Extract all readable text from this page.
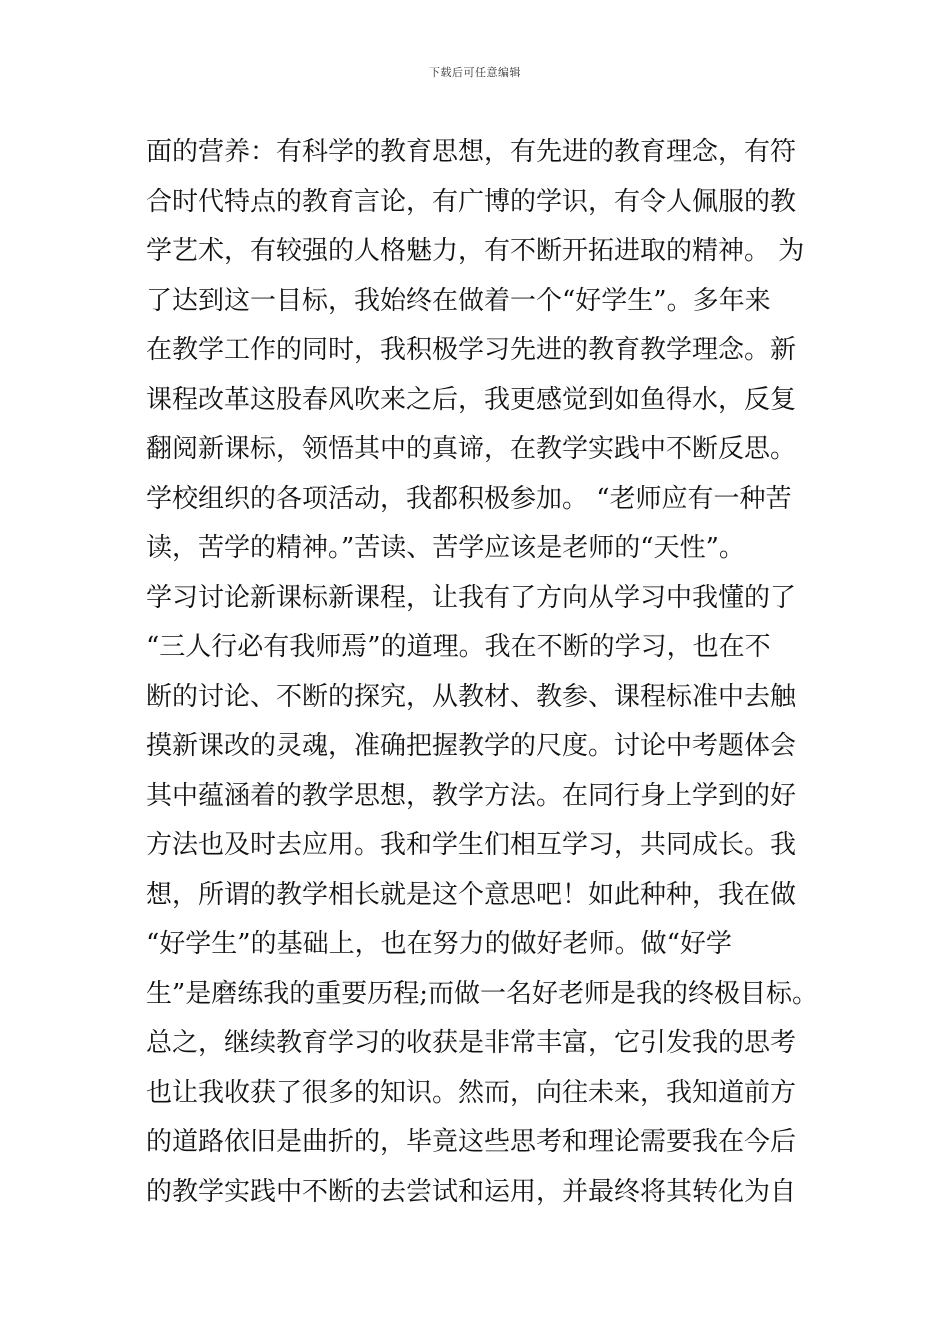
下载后可任意编辑
面的营养：有科学的教育思想，有先进的教育理念，有符
合时代特点的教育言论，有广博的学识，有令人佩服的教
学艺术，有较强的人格魅力，有不断开拓进取的精神。 为
了达到这一目标，我始终在做着一个“好学生”。多年来
在教学工作的同时，我积极学习先进的教育教学理念。新
课程改革这股春风吹来之后，我更感觉到如鱼得水，反复
翻阅新课标，领悟其中的真谛，在教学实践中不断反思。
学校组织的各项活动，我都积极参加。 “老师应有一种苦
读，苦学的精神。”苦读、苦学应该是老师的“天性”。
学习讨论新课标新课程，让我有了方向从学习中我懂的了
“三人行必有我师焉”的道理。我在不断的学习，也在不
断的讨论、不断的探究，从教材、教参、课程标准中去触
摸新课改的灵魂，准确把握教学的尺度。讨论中考题体会
其中蕴涵着的教学思想，教学方法。在同行身上学到的好
方法也及时去应用。我和学生们相互学习，共同成长。我
想，所谓的教学相长就是这个意思吧！如此种种，我在做
“好学生”的基础上，也在努力的做好老师。做“好学
生”是磨练我的重要历程;而做一名好老师是我的终极目标。
总之，继续教育学习的收获是非常丰富，它引发我的思考
也让我收获了很多的知识。然而，向往未来，我知道前方
的道路依旧是曲折的，毕竟这些思考和理论需要我在今后
的教学实践中不断的去尝试和运用，并最终将其转化为自
